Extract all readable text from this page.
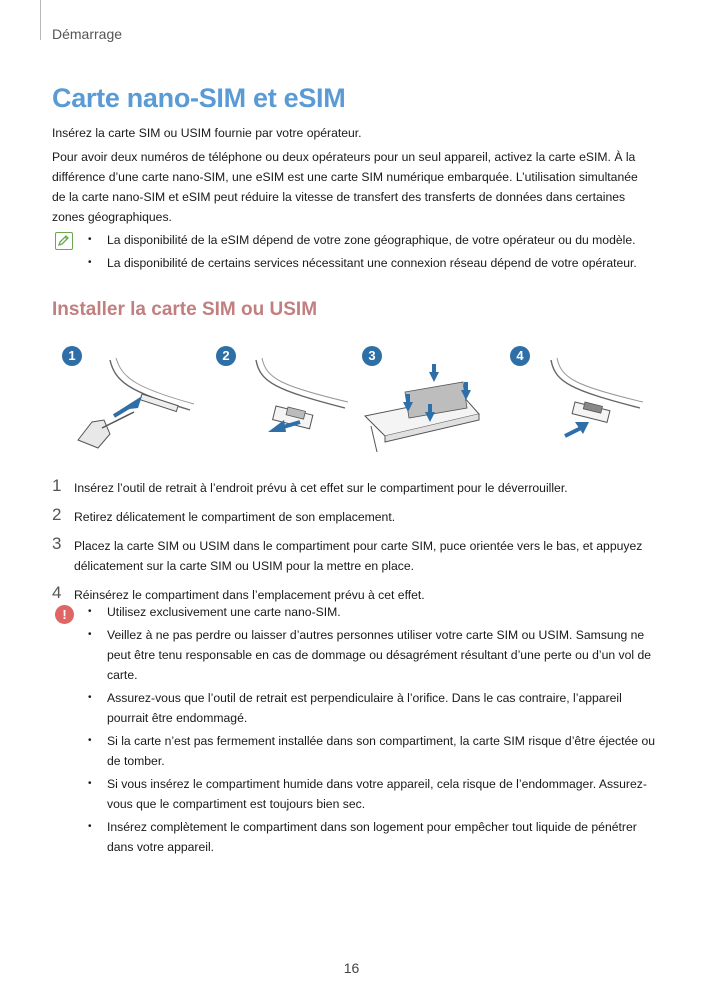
Démarrage
Carte nano-SIM et eSIM

Insérez la carte SIM ou USIM fournie par votre opérateur.

Pour avoir deux numéros de téléphone ou deux opérateurs pour un seul appareil, activez la carte eSIM. À la différence d’une carte nano-SIM, une eSIM est une carte SIM numérique embarquée. L’utilisation simultanée de la carte nano-SIM et eSIM peut réduire la vitesse de transfert des transferts de données dans certaines zones géographiques.

• La disponibilité de la eSIM dépend de votre zone géographique, de votre opérateur ou du modèle.
• La disponibilité de certains services nécessitant une connexion réseau dépend de votre opérateur.
Installer la carte SIM ou USIM
1	2	3	4
1 Insérez l’outil de retrait à l’endroit prévu à cet effet sur le compartiment pour le déverrouiller.
2 Retirez délicatement le compartiment de son emplacement.
3 Placez la carte SIM ou USIM dans le compartiment pour carte SIM, puce orientée vers le bas, et appuyez délicatement sur la carte SIM ou USIM pour la mettre en place.
4 Réinsérez le compartiment dans l’emplacement prévu à cet effet.
!
•	Utilisez exclusivement une carte nano-SIM.
• Veillez à ne pas perdre ou laisser d’autres personnes utiliser votre carte SIM ou USIM. Samsung ne peut être tenu responsable en cas de dommage ou désagrément résultant d’une perte ou d’un vol de carte.
• Assurez-vous que l’outil de retrait est perpendiculaire à l’orifice. Dans le cas contraire, l’appareil pourrait être endommagé.
• Si la carte n’est pas fermement installée dans son compartiment, la carte SIM risque d’être éjectée ou de tomber.
• Si vous insérez le compartiment humide dans votre appareil, cela risque de l’endommager. Assurez-vous que le compartiment est toujours bien sec.
• Insérez complètement le compartiment dans son logement pour empêcher tout liquide de pénétrer dans votre appareil.
16
